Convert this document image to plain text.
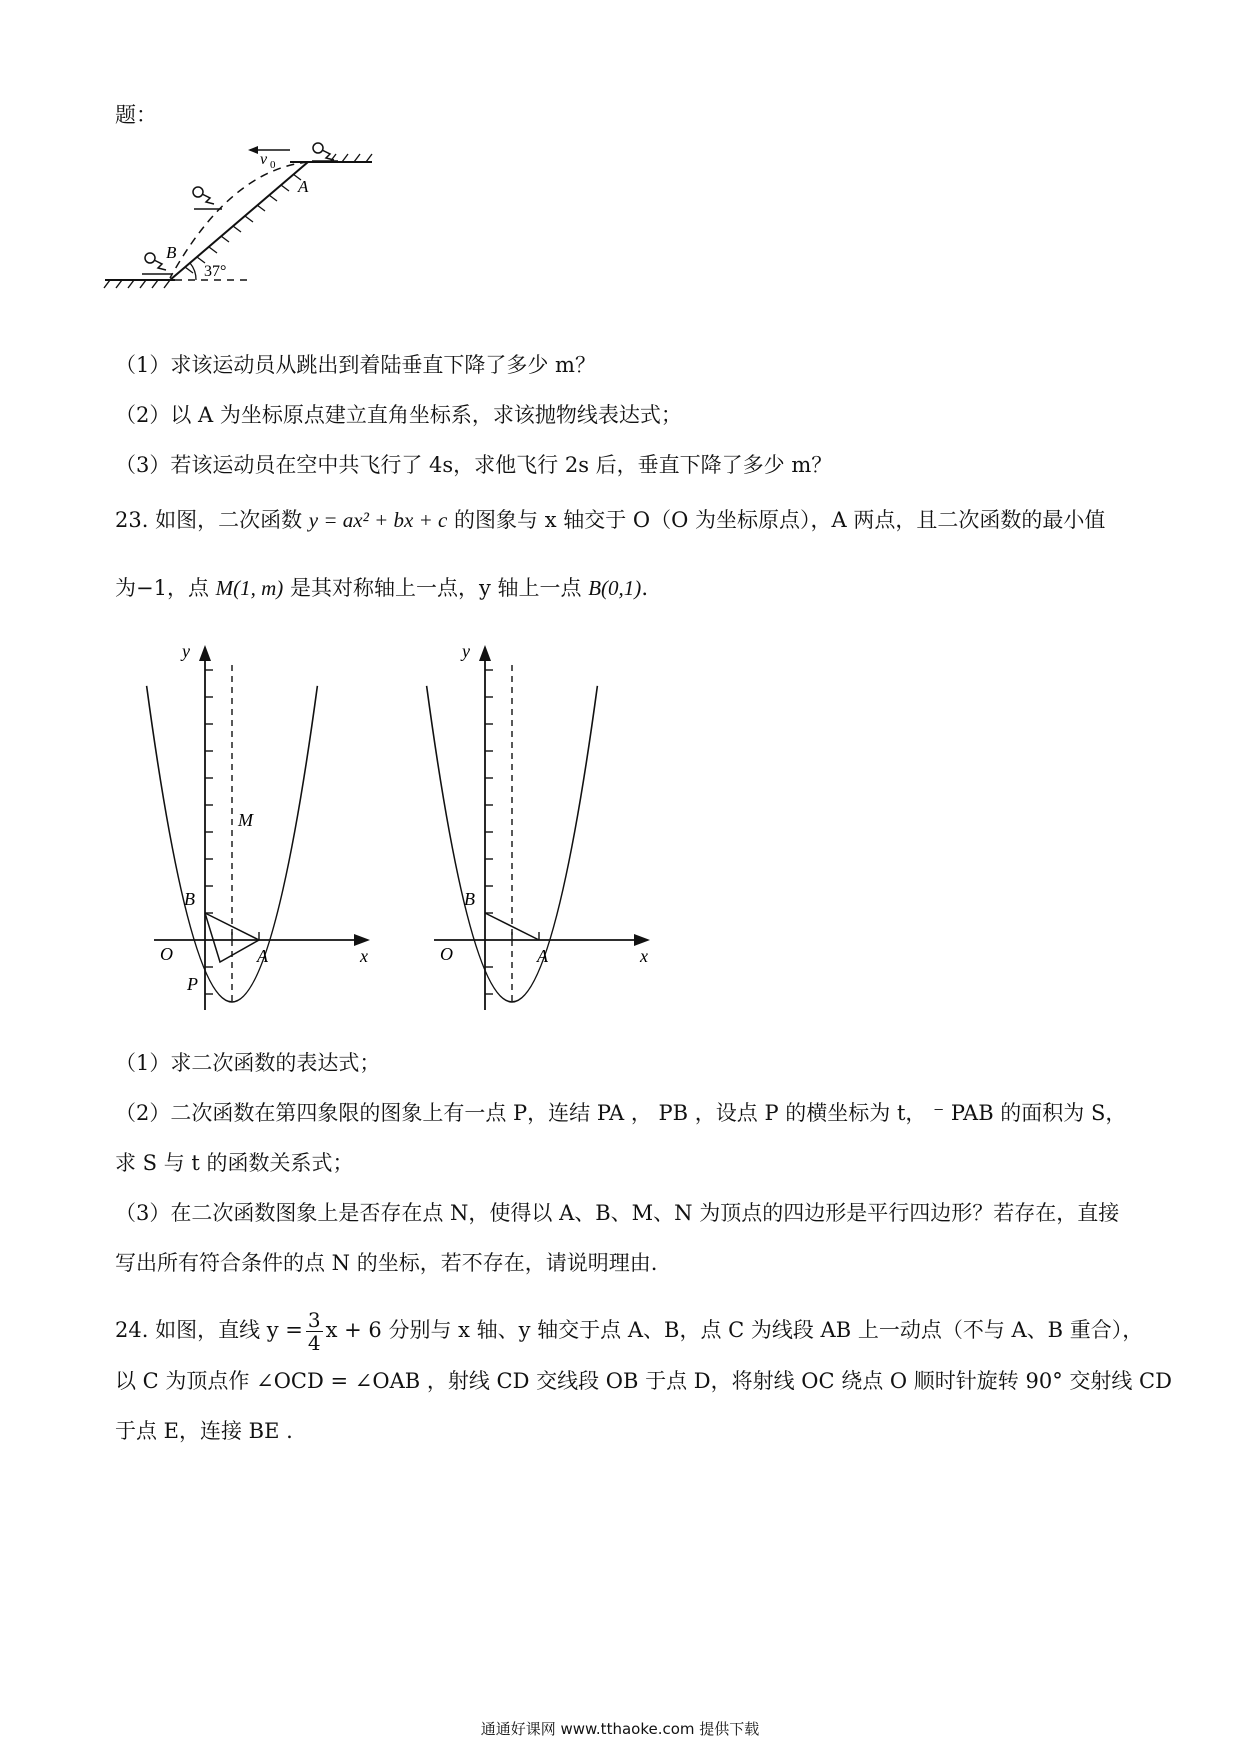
题：
v 0
A
B
37°
（1）求该运动员从跳出到着陆垂直下降了多少 m？
（2）以 A 为坐标原点建立直角坐标系，求该抛物线表达式；
（3）若该运动员在空中共飞行了 4s，求他飞行 2s 后，垂直下降了多少 m？
23. 如图，二次函数 y = ax² + bx + c 的图象与 x 轴交于 O（O 为坐标原点），A 两点，且二次函数的最小值
为−1，点 M(1, m) 是其对称轴上一点，y 轴上一点 B(0,1).
O	A
B
M
P
y
x	O	A
B
y
x
（1）求二次函数的表达式；
（2）二次函数在第四象限的图象上有一点 P，连结 PA ， PB ，设点 P 的横坐标为 t， ⁻ PAB 的面积为 S，
求 S 与 t 的函数关系式；
（3）在二次函数图象上是否存在点 N，使得以 A、B、M、N 为顶点的四边形是平行四边形？若存在，直接
写出所有符合条件的点 N 的坐标，若不存在，请说明理由.
24. 如图，直线 $y = \frac{3}{4}$ x + 6 分别与 x 轴、y 轴交于点 A、B，点 C 为线段 AB 上一动点（不与 A、B 重合），
以 C 为顶点作 ∠OCD = ∠OAB ，射线 CD 交线段 OB 于点 D，将射线 OC 绕点 O 顺时针旋转 90° 交射线 CD
于点 E，连接 BE .
通通好课网 www.tthaoke.com 提供下载
